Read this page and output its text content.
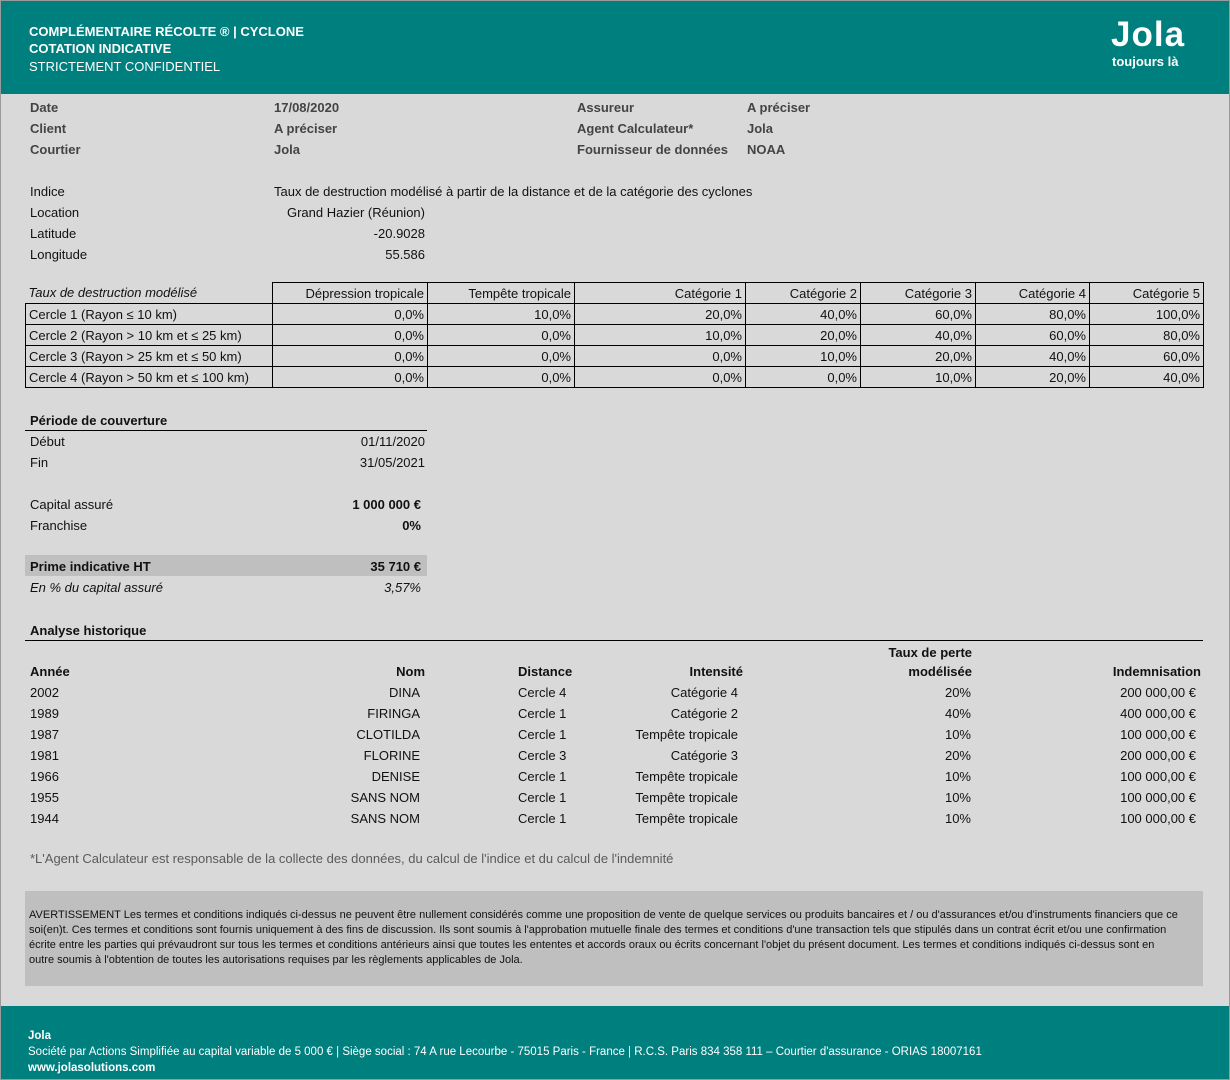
COMPLÉMENTAIRE RÉCOLTE ® | CYCLONE
COTATION INDICATIVE
STRICTEMENT CONFIDENTIEL
Jola
toujours là
Date	17/08/2020
Client	A préciser
Courtier	Jola
Assureur	A préciser
Agent Calculateur*	Jola
Fournisseur de données NOAA
Indice	Taux de destruction modélisé à partir de la distance et de la catégorie des cyclones
Location	Grand Hazier (Réunion)
Latitude	-20.9028
Longitude	55.586
Taux de destruction modélisé	Dépression tropicale	Tempête tropicale	Catégorie 1	Catégorie 2	Catégorie 3	Catégorie 4	Catégorie 5
Cercle 1 (Rayon ≤ 10 km)	0,0%	10,0%	20,0%	40,0%	60,0%	80,0%	100,0%
Cercle 2 (Rayon > 10 km et ≤ 25 km)	0,0%	0,0%	10,0%	20,0%	40,0%	60,0%	80,0%
Cercle 3 (Rayon > 25 km et ≤ 50 km)	0,0%	0,0%	0,0%	10,0%	20,0%	40,0%	60,0%
Cercle 4 (Rayon > 50 km et ≤ 100 km)	0,0%	0,0%	0,0%	0,0%	10,0%	20,0%	40,0%
Période de couverture
Début	01/11/2020
Fin	31/05/2021
Capital assuré	1 000 000 €
Franchise	0%
Prime indicative HT	35 710 €
En % du capital assuré	3,57%
Analyse historique
Année	Nom	Distance	Intensité
Taux de perte
modélisée	Indemnisation
2002	DINA	Cercle 4	Catégorie 4	20%	200 000,00 €
1989	FIRINGA	Cercle 1	Catégorie 2	40%	400 000,00 €
1987	CLOTILDA	Cercle 1	Tempête tropicale	10%	100 000,00 €
1981	FLORINE	Cercle 3	Catégorie 3	20%	200 000,00 €
1966	DENISE	Cercle 1	Tempête tropicale	10%	100 000,00 €
1955	SANS NOM	Cercle 1	Tempête tropicale	10%	100 000,00 €
1944	SANS NOM	Cercle 1	Tempête tropicale	10%	100 000,00 €
*L'Agent Calculateur est responsable de la collecte des données, du calcul de l'indice et du calcul de l'indemnité

AVERTISSEMENT Les termes et conditions indiqués ci-dessus ne peuvent être nullement considérés comme une proposition de vente de quelque services ou produits bancaires et / ou d'assurances et/ou d'instruments financiers que ce soi(en)t. Ces termes et conditions sont fournis uniquement à des fins de discussion. Ils sont soumis à l'approbation mutuelle finale des termes et conditions d'une transaction tels que stipulés dans un contrat écrit et/ou une confirmation écrite entre les parties qui prévaudront sur tous les termes et conditions antérieurs ainsi que toutes les ententes et accords oraux ou écrits concernant l'objet du présent document. Les termes et conditions indiqués ci-dessus sont en outre soumis à l'obtention de toutes les autorisations requises par les règlements applicables de Jola.

Jola
Société par Actions Simplifiée au capital variable de 5 000 € | Siège social : 74 A rue Lecourbe - 75015 Paris - France | R.C.S. Paris 834 358 111 – Courtier d'assurance - ORIAS 18007161
www.jolasolutions.com
